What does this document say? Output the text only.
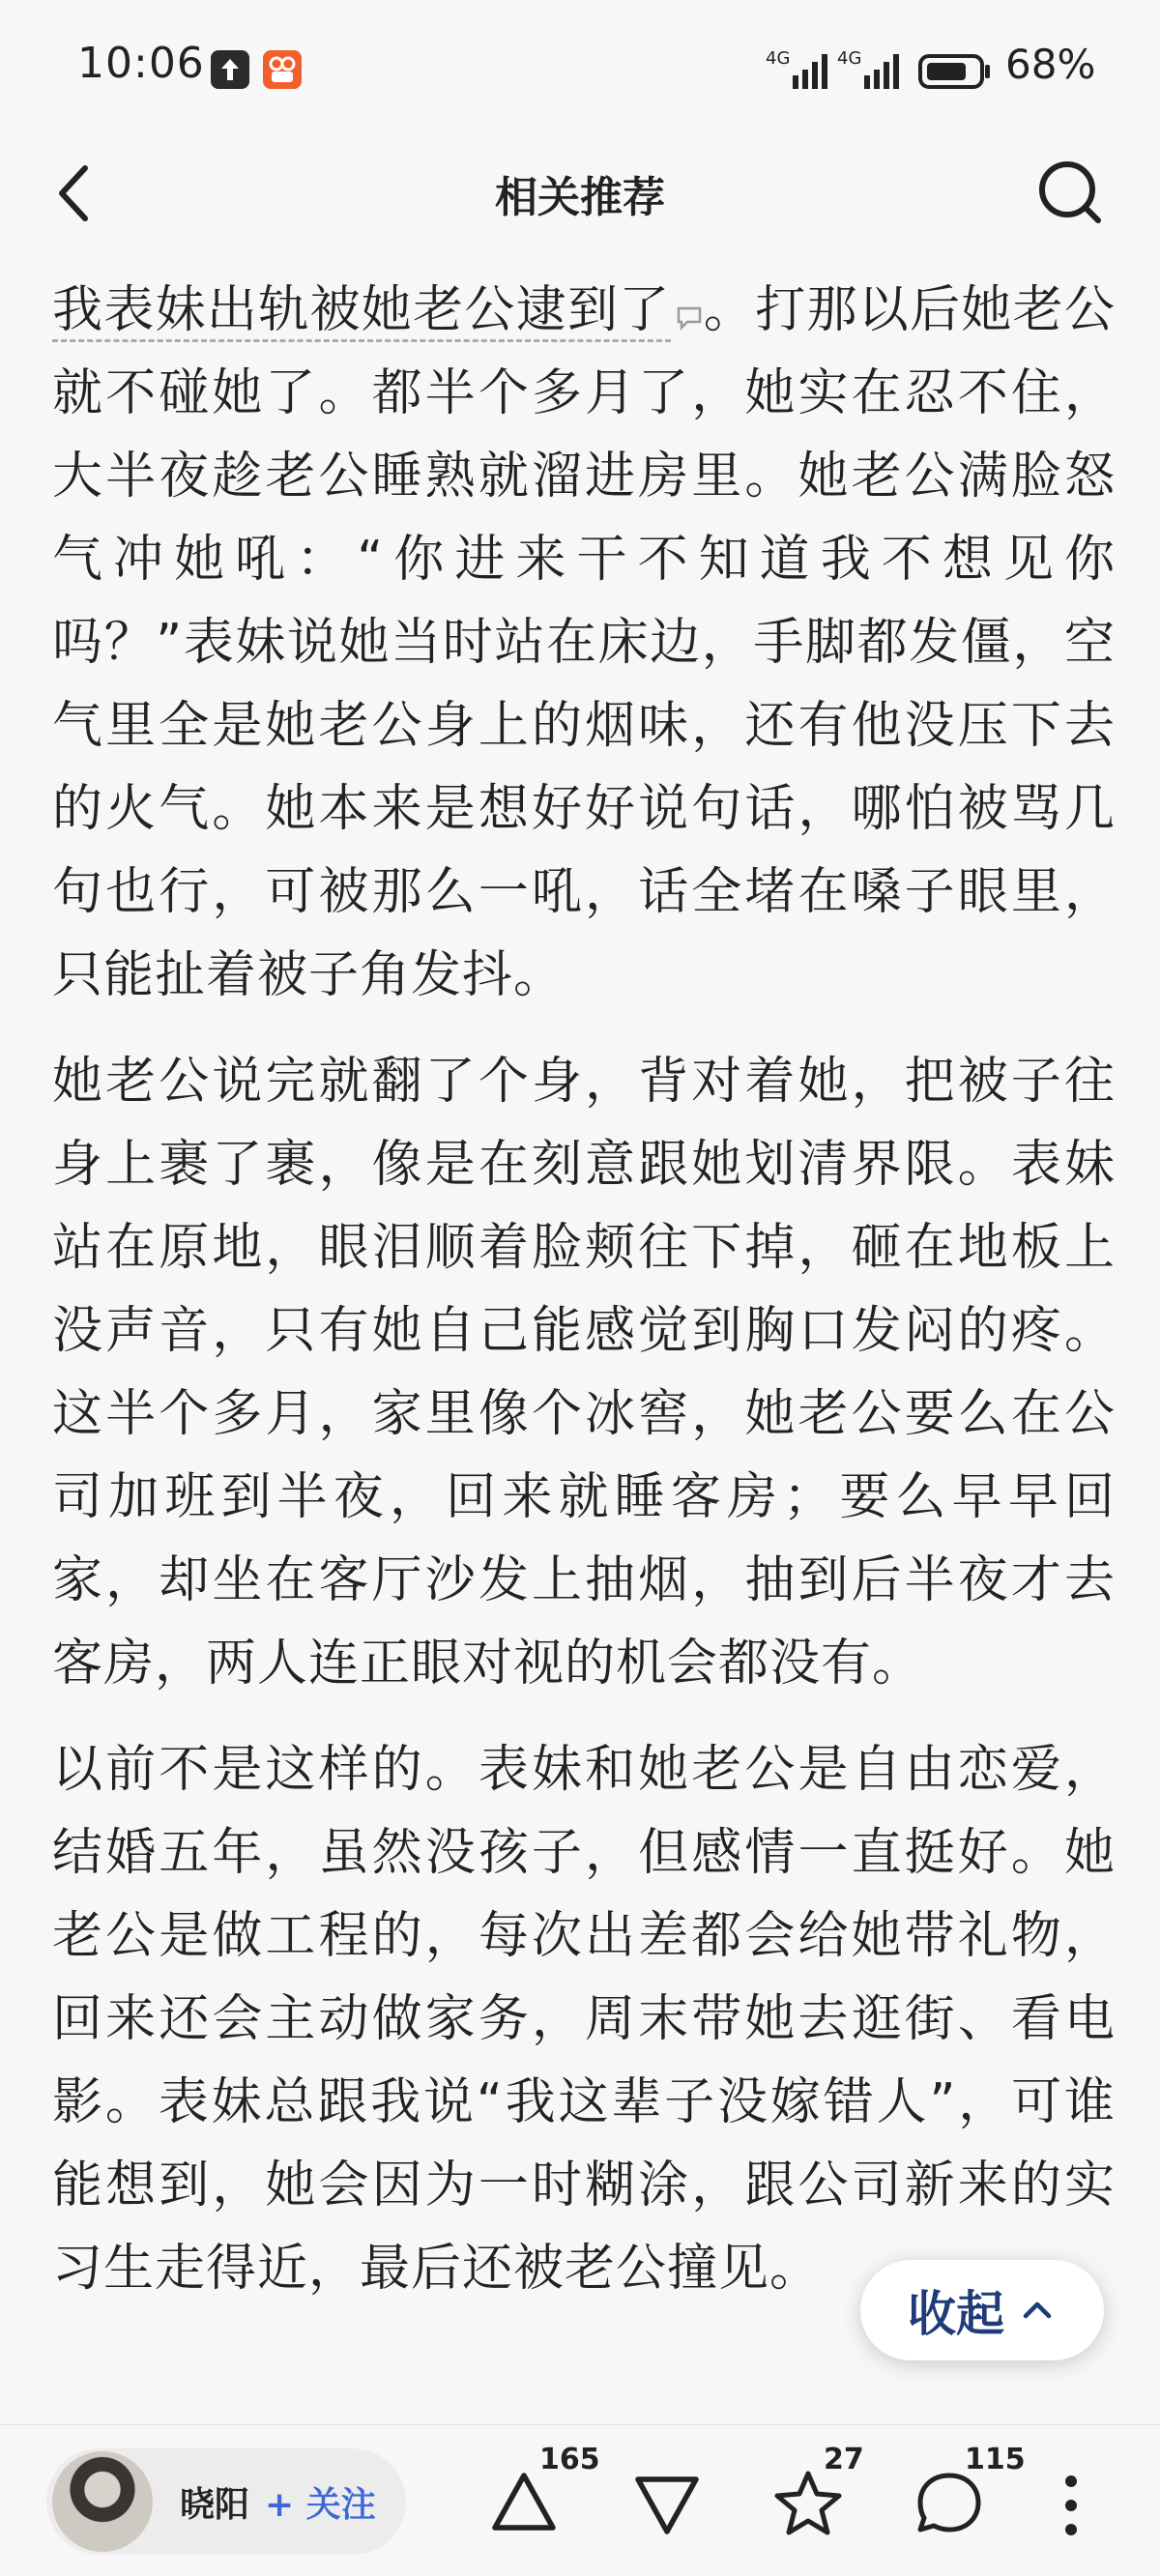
10:06	4G	4G	68%
相关推荐

我表妹出轨被她老公逮到了 。打那以后她老公就不碰她了。都半个多月了，她实在忍不住，大半夜趁老公睡熟就溜进房里。她老公满脸怒气冲她吼：“你进来干不知道我不想见你吗？”表妹说她当时站在床边，手脚都发僵，空气里全是她老公身上的烟味，还有他没压下去的火气。她本来是想好好说句话，哪怕被骂几句也行，可被那么一吼，话全堵在嗓子眼里，只能扯着被子角发抖。

她老公说完就翻了个身，背对着她，把被子往身上裹了裹，像是在刻意跟她划清界限。表妹站在原地，眼泪顺着脸颊往下掉，砸在地板上没声音，只有她自己能感觉到胸口发闷的疼。这半个多月，家里像个冰窖，她老公要么在公司加班到半夜，回来就睡客房；要么早早回家，却坐在客厅沙发上抽烟，抽到后半夜才去客房，两人连正眼对视的机会都没有。

以前不是这样的。表妹和她老公是自由恋爱，结婚五年，虽然没孩子，但感情一直挺好。她老公是做工程的，每次出差都会给她带礼物，回来还会主动做家务，周末带她去逛街、看电影。表妹总跟我说“我这辈子没嫁错人”，可谁能想到，她会因为一时糊涂，跟公司新来的实习生走得近，最后还被老公撞见。

收起
晓阳 + 关注
165	27	115
